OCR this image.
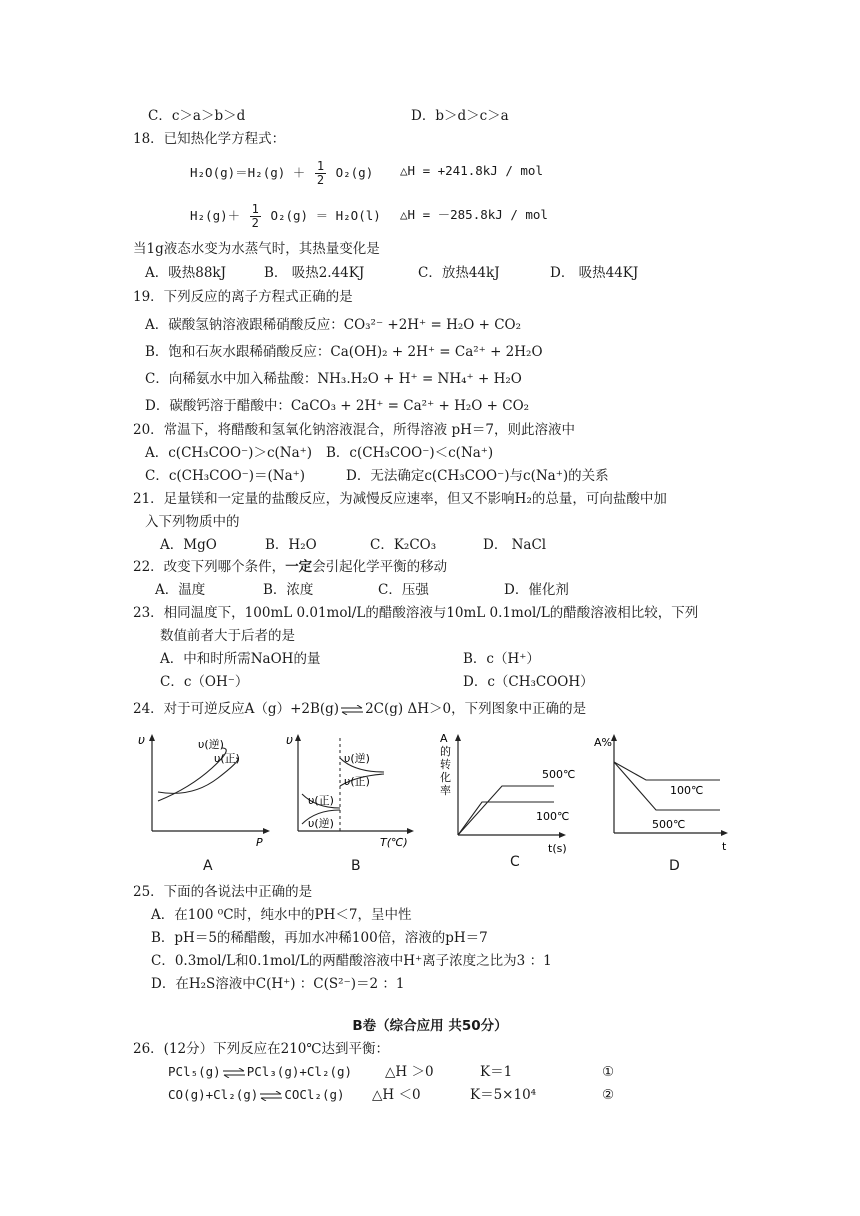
C．c＞a＞b＞d	D．b＞d＞c＞a
18．已知热化学方程式：
$H_2O(g)=H_2(g) + \frac{1}{2} O_2(g)$ △H = +241.8kJ / mol
$H_2(g)+ \frac{1}{2} O_2(g) = H_2O(l)$ △H = －285.8kJ / mol
当1g液态水变为水蒸气时，其热量变化是
A．吸热88kJ	B． 吸热2.44KJ	C．放热44kJ	D． 吸热44KJ
19．下列反应的离子方程式正确的是
A．碳酸氢钠溶液跟稀硝酸反应：CO₃²⁻ +2H⁺ = H₂O + CO₂
B．饱和石灰水跟稀硝酸反应：Ca(OH)₂ + 2H⁺ = Ca²⁺ + 2H₂O
C．向稀氨水中加入稀盐酸：NH₃.H₂O + H⁺ = NH₄⁺ + H₂O
D．碳酸钙溶于醋酸中：CaCO₃ + 2H⁺ = Ca²⁺ + H₂O + CO₂
20．常温下，将醋酸和氢氧化钠溶液混合，所得溶液 pH＝7，则此溶液中
A．c(CH₃COO⁻)＞c(Na⁺) B．c(CH₃COO⁻)＜c(Na⁺)
C．c(CH₃COO⁻)＝(Na⁺)	D．无法确定c(CH₃COO⁻)与c(Na⁺)的关系
21．足量镁和一定量的盐酸反应，为减慢反应速率，但又不影响H₂的总量，可向盐酸中加
入下列物质中的
A．MgO	B．H₂O	C．K₂CO₃	D． NaCl
22．改变下列哪个条件，一定会引起化学平衡的移动
A．温度	B．浓度	C．压强	D．催化剂
23．相同温度下，100mL 0.01mol/L的醋酸溶液与10mL 0.1mol/L的醋酸溶液相比较，下列
数值前者大于后者的是
A．中和时所需NaOH的量	B．c（H⁺）
C．c（OH⁻）	D．c（CH₃COOH）
24．对于可逆反应A（g）+2B(g)⇌2C(g) ΔH＞0，下列图象中正确的是
υ
P
υ(逆)
υ(正)
A
υ
T(℃)
υ(逆)
υ(正)
υ(正)
υ(逆)
B
A
的
转
化
率
t(s)
500℃
100℃
C
A%
t
100℃
500℃
D
25．下面的各说法中正确的是
A．在100 ⁰C时，纯水中的PH＜7，呈中性
B．pH＝5的稀醋酸，再加水冲稀100倍，溶液的pH＝7
C．0.3mol/L和0.1mol/L的两醋酸溶液中H⁺离子浓度之比为3 ：1
D．在H₂S溶液中C(H⁺) ：C(S²⁻)＝2 ：1
B卷（综合应用 共50分）
26．(12分）下列反应在210℃达到平衡：
PCl₅(g)⇌PCl₃(g)+Cl₂(g) △H ＞0	K＝1	①
CO(g)+Cl₂(g)⇌COCl₂(g) △H ＜0	K＝5×10⁴	②
